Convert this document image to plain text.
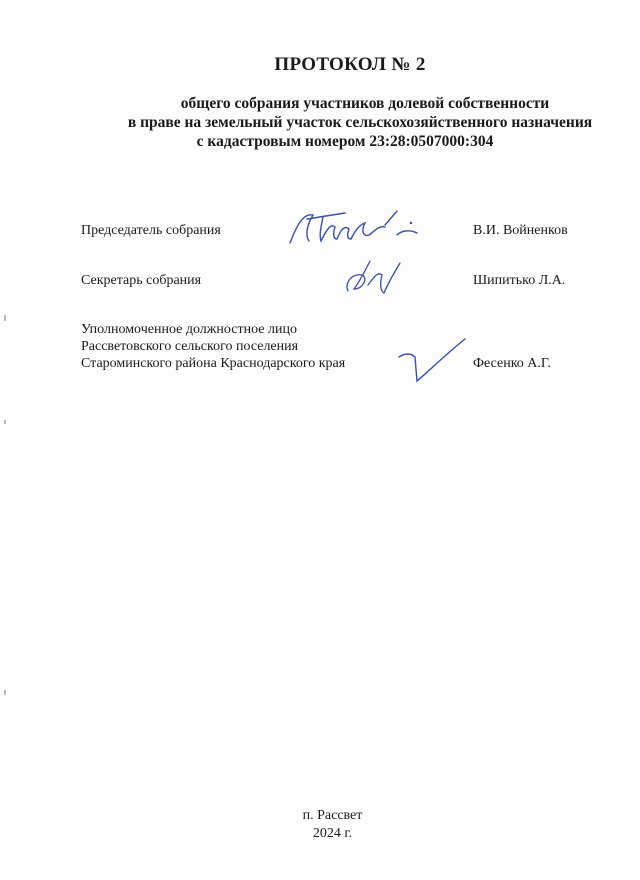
ПРОТОКОЛ № 2
общего собрания участников долевой собственности
в праве на земельный участок сельскохозяйственного назначения
с кадастровым номером 23:28:0507000:304
Председатель собрания	В.И. Войненков
Секретарь собрания	Шипитько Л.А.
Уполномоченное должностное лицо
Рассветовского сельского поселения
Староминского района Краснодарского края	Фесенко А.Г.
п. Рассвет
2024 г.
